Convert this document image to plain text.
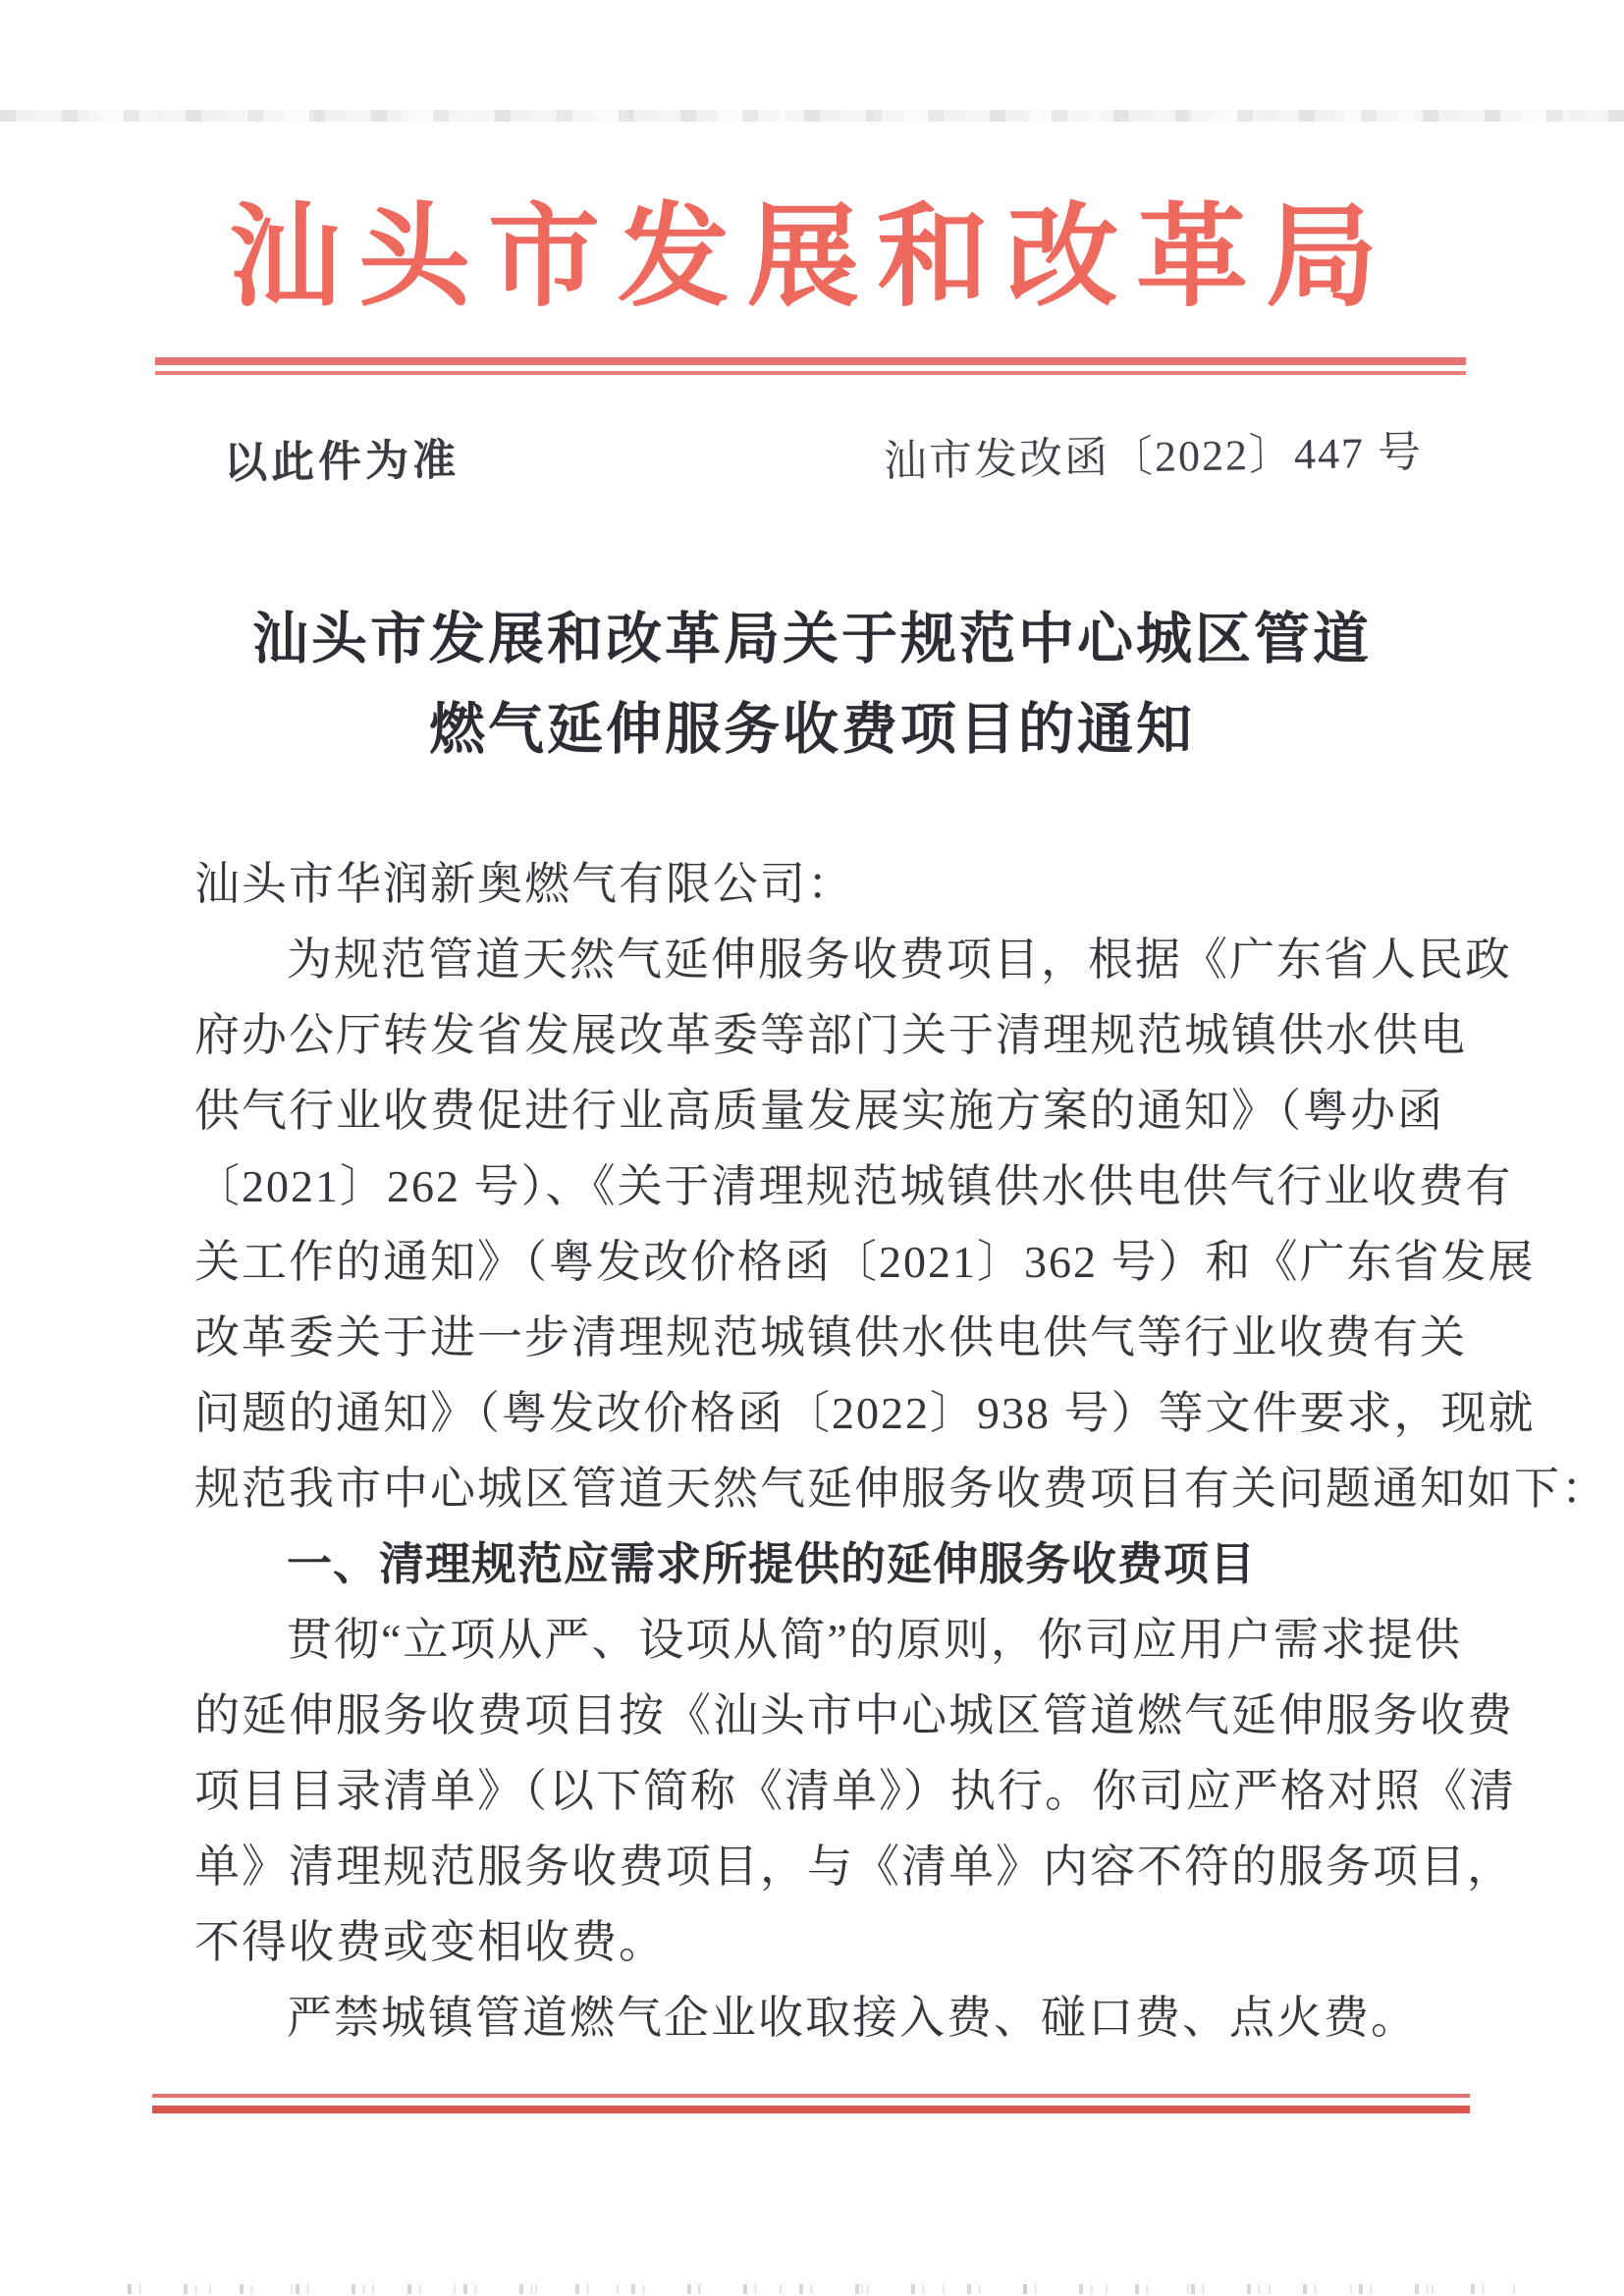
汕头市发展和改革局
以此件为准	汕市发改函〔2022〕447 号
汕头市发展和改革局关于规范中心城区管道
燃气延伸服务收费项目的通知
汕头市华润新奥燃气有限公司：
为规范管道天然气延伸服务收费项目，根据《广东省人民政
府办公厅转发省发展改革委等部门关于清理规范城镇供水供电
供气行业收费促进行业高质量发展实施方案的通知》（粤办函
〔2021〕262 号）、《关于清理规范城镇供水供电供气行业收费有
关工作的通知》（粤发改价格函〔2021〕362 号）和《广东省发展
改革委关于进一步清理规范城镇供水供电供气等行业收费有关
问题的通知》（粤发改价格函〔2022〕938 号）等文件要求，现就
规范我市中心城区管道天然气延伸服务收费项目有关问题通知如下：
一、清理规范应需求所提供的延伸服务收费项目
贯彻“立项从严、设项从简”的原则，你司应用户需求提供
的延伸服务收费项目按《汕头市中心城区管道燃气延伸服务收费
项目目录清单》（以下简称《清单》）执行。你司应严格对照《清
单》清理规范服务收费项目，与《清单》内容不符的服务项目，
不得收费或变相收费。
严禁城镇管道燃气企业收取接入费、碰口费、点火费。
